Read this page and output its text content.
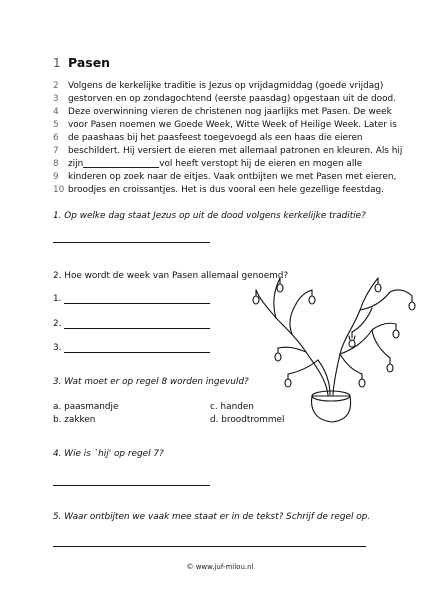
1 Pasen
2	Volgens de kerkelijke traditie is Jezus op vrijdagmiddag (goede vrijdag)
3	gestorven en op zondagochtend (eerste paasdag) opgestaan uit de dood.
4	Deze overwinning vieren de christenen nog jaarlijks met Pasen. De week
5	voor Pasen noemen we Goede Week, Witte Week of Heilige Week. Later is
6	de paashaas bij het paasfeest toegevoegd als een haas die eieren
7	beschildert. Hij versiert de eieren met allemaal patronen en kleuren. Als hij
8	zijn	vol heeft verstopt hij de eieren en mogen alle
9	kinderen op zoek naar de eitjes. Vaak ontbijten we met Pasen met eieren,
10 broodjes en croissantjes. Het is dus vooral een hele gezellige feestdag.
1. Op welke dag staat Jezus op uit de dood volgens kerkelijke traditie?
2. Hoe wordt de week van Pasen allemaal genoemd?
1.
2.
3.
3. Wat moet er op regel 8 worden ingevuld?
a. paasmandje	c. handen
b. zakken	d. broodtrommel
4. Wie is `hij' op regel 7?
5. Waar ontbijten we vaak mee staat er in de tekst? Schrijf de regel op.
© www.juf-milou.nl
